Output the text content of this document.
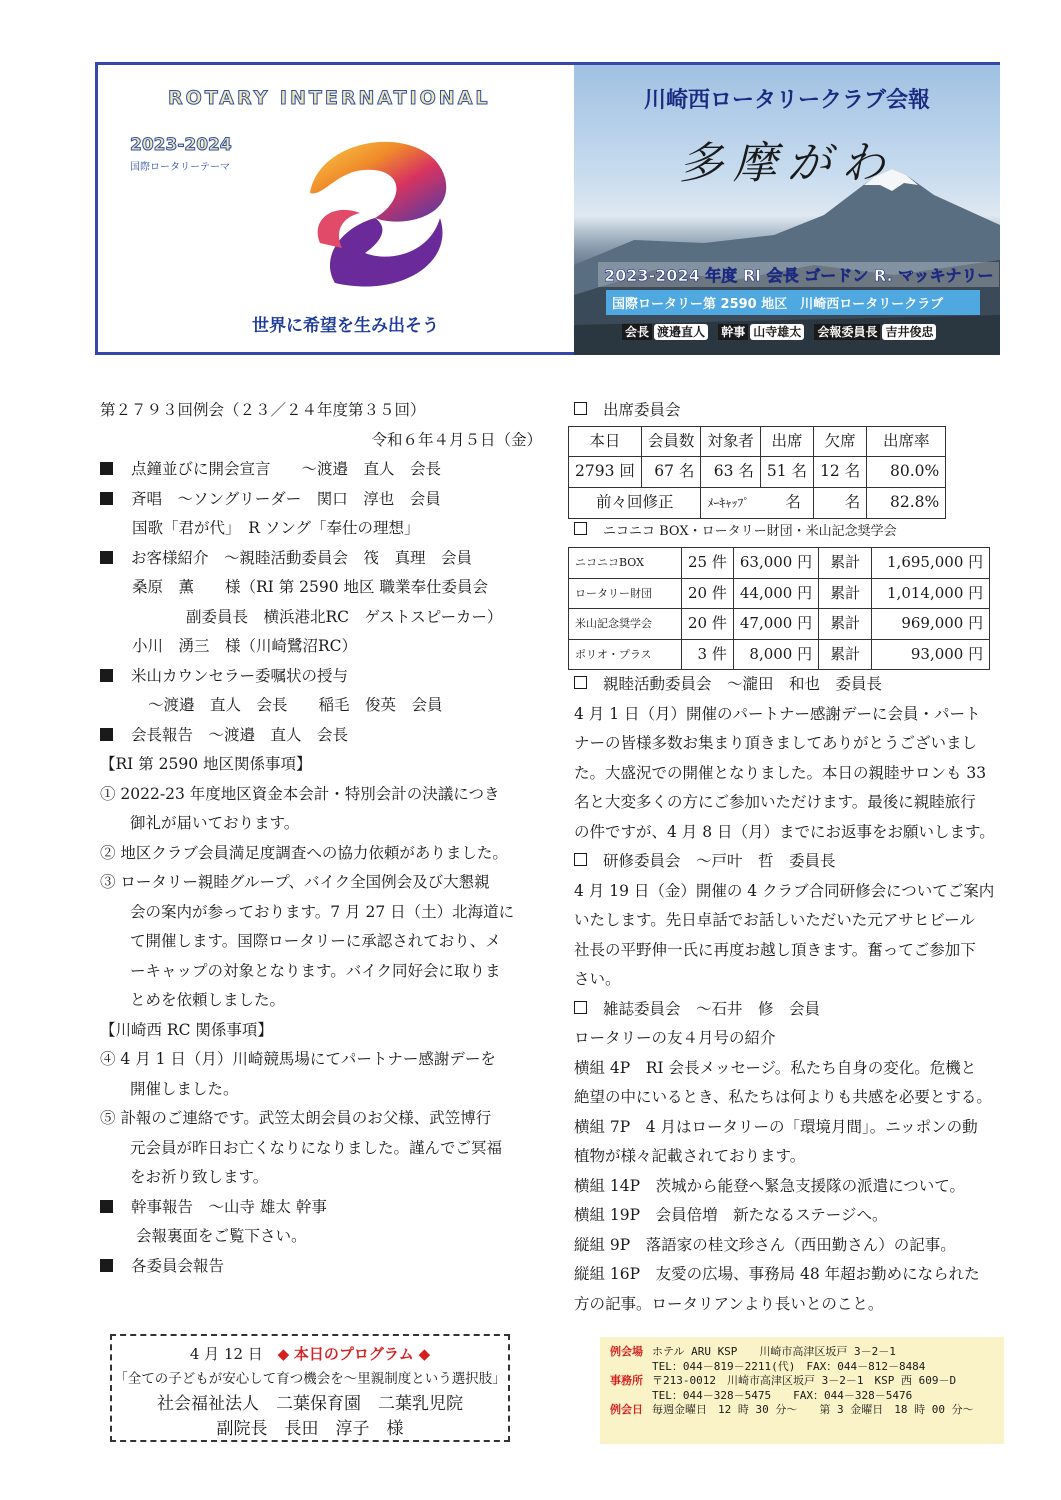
ROTARY INTERNATIONAL
2023-2024
国際ロータリーテーマ
世界に希望を生み出そう
川崎西ロータリークラブ会報
多摩がわ
2023-2024 年度 RI 会長 ゴードン R. マッキナリー
国際ロータリー第 2590 地区　川崎西ロータリークラブ
会長 渡邉直人 幹事 山寺雄太 会報委員長 吉井俊忠
第２７９３回例会（２３／２４年度第３５回）
令和６年４月５日（金）
点鐘並びに開会宣言　　～渡邉　直人　会長
斉唱　～ソングリーダー　関口　淳也　会員
国歌「君が代」　R ソング「奉仕の理想」
お客様紹介　～親睦活動委員会　筏　真理　会員
桑原　薫　　様（RI 第 2590 地区 職業奉仕委員会
副委員長　横浜港北RC　ゲストスピーカー）
小川　湧三　様（川崎鷺沼RC）
米山カウンセラー委嘱状の授与
～渡邉　直人　会長　　稲毛　俊英　会員
会長報告　～渡邉　直人　会長
【RI 第 2590 地区関係事項】
① 2022-23 年度地区資金本会計・特別会計の決議につき
御礼が届いております。
② 地区クラブ会員満足度調査への協力依頼がありました。
③ ロータリー親睦グループ、バイク全国例会及び大懇親
会の案内が参っております。7 月 27 日（土）北海道に
て開催します。国際ロータリーに承認されており、メ
ーキャップの対象となります。バイク同好会に取りま
とめを依頼しました。
【川崎西 RC 関係事項】
④ 4 月 1 日（月）川崎競馬場にてパートナー感謝デーを
開催しました。
⑤ 訃報のご連絡です。武笠太朗会員のお父様、武笠博行
元会員が昨日お亡くなりになりました。謹んでご冥福
をお祈り致します。
幹事報告　～山寺 雄太 幹事
会報裏面をご覧下さい。
各委員会報告
出席委員会
本日	会員数	対象者	出席	欠席	出席率
2793 回	67 名	63 名	51 名	12 名	80.0%
前々回修正		ﾒｰｷｬｯﾌﾟ 名		名	82.8%
ニコニコ BOX・ロータリー財団・米山記念奨学会
ニコニコBOX	25 件	63,000 円	累計	1,695,000 円
ロータリー財団	20 件	44,000 円	累計	1,014,000 円
米山記念奨学会	20 件	47,000 円	累計	969,000 円
ポリオ・プラス	3 件	8,000 円	累計	93,000 円
親睦活動委員会　～瀧田　和也　委員長
4 月 1 日（月）開催のパートナー感謝デーに会員・パート
ナーの皆様多数お集まり頂きましてありがとうございまし
た。大盛況での開催となりました。本日の親睦サロンも 33
名と大変多くの方にご参加いただけます。最後に親睦旅行
の件ですが、4 月 8 日（月）までにお返事をお願いします。
研修委員会　～戸叶　哲　委員長
4 月 19 日（金）開催の 4 クラブ合同研修会についてご案内
いたします。先日卓話でお話しいただいた元アサヒビール
社長の平野伸一氏に再度お越し頂きます。奮ってご参加下
さい。
雑誌委員会　～石井　修　会員
ロータリーの友４月号の紹介
横組 4P　RI 会長メッセージ。私たち自身の変化。危機と
絶望の中にいるとき、私たちは何よりも共感を必要とする。
横組 7P　4 月はロータリーの「環境月間」。ニッポンの動
植物が様々記載されております。
横組 14P　茨城から能登へ緊急支援隊の派遣について。
横組 19P　会員倍増　新たなるステージへ。
縦組 9P　落語家の桂文珍さん（西田勤さん）の記事。
縦組 16P　友愛の広場、事務局 48 年超お勤めになられた
方の記事。ロータリアンより長いとのこと。
4 月 12 日 ◆ 本日のプログラム ◆
「全ての子どもが安心して育つ機会を～里親制度という選択肢」
社会福祉法人　二葉保育園　二葉乳児院
副院長　長田　淳子　様
例会場 ホテル ARU KSP　　川崎市高津区坂戸 3－2－1
TEL：044－819－2211(代)　FAX：044－812－8484
事務所 〒213-0012　川崎市高津区坂戸 3－2－1　KSP 西 609－D
TEL：044－328－5475　　FAX：044－328－5476
例会日 毎週金曜日　12 時 30 分～　　第 3 金曜日　18 時 00 分～
